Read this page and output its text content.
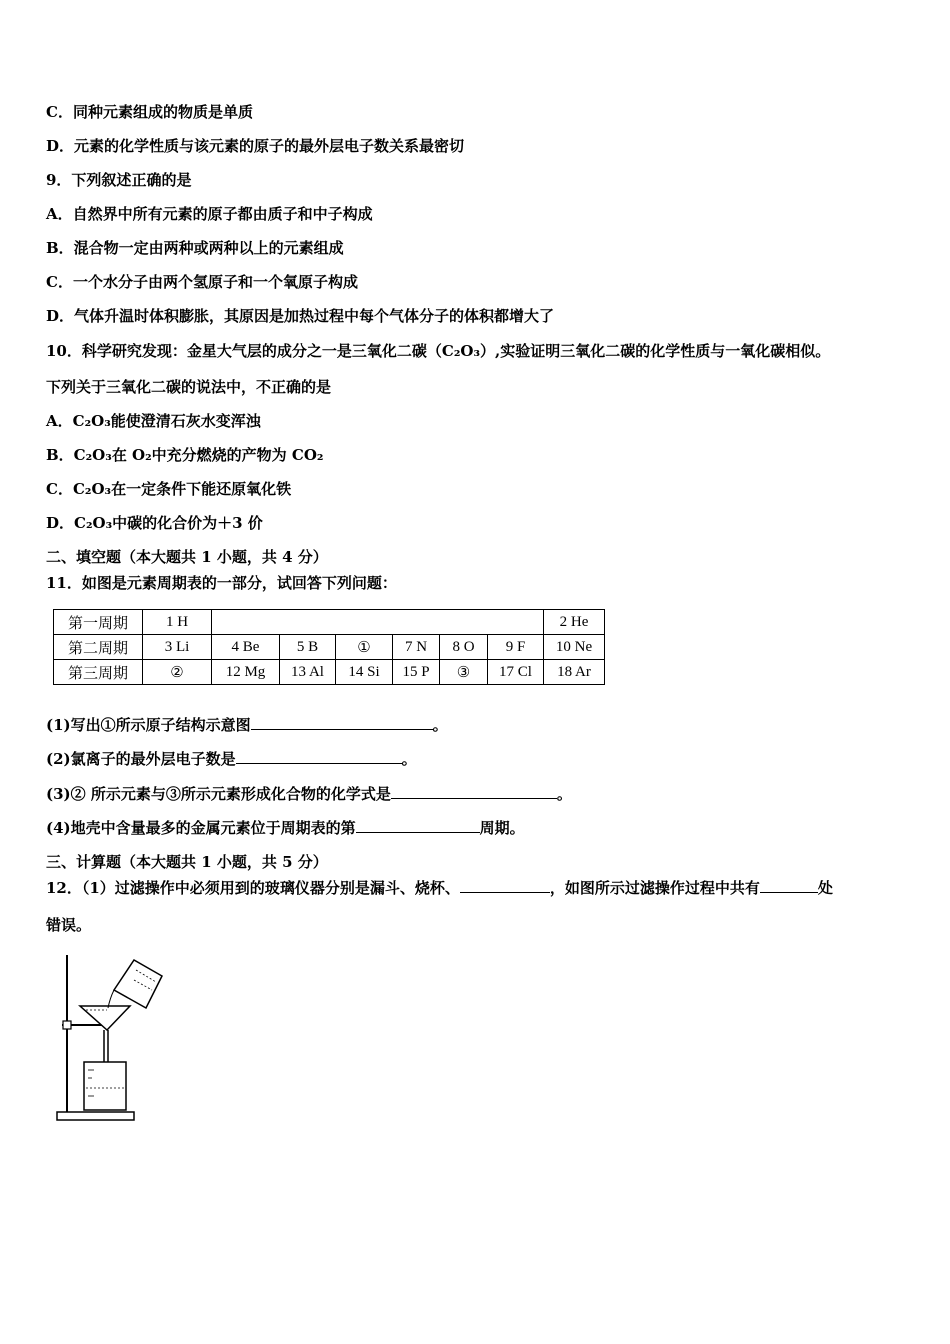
C．同种元素组成的物质是单质
D．元素的化学性质与该元素的原子的最外层电子数关系最密切
9．下列叙述正确的是
A．自然界中所有元素的原子都由质子和中子构成
B．混合物一定由两种或两种以上的元素组成
C．一个水分子由两个氢原子和一个氧原子构成
D．气体升温时体积膨胀，其原因是加热过程中每个气体分子的体积都增大了
10．科学研究发现：金星大气层的成分之一是三氧化二碳（C₂O₃）,实验证明三氧化二碳的化学性质与一氧化碳相似。
下列关于三氧化二碳的说法中，不正确的是
A．C₂O₃能使澄清石灰水变浑浊
B．C₂O₃在 O₂中充分燃烧的产物为 CO₂
C．C₂O₃在一定条件下能还原氧化铁
D．C₂O₃中碳的化合价为＋3 价
二、填空题（本大题共 1 小题，共 4 分）
11．如图是元素周期表的一部分，试回答下列问题：
第一周期	1 H							2 He
第二周期	3 Li	4 Be	5 B	①	7 N	8 O	9 F	10 Ne
第三周期	②	12 Mg	13 Al	14 Si	15 P	③	17 Cl	18 Ar
(1)写出①所示原子结构示意图	。
(2)氯离子的最外层电子数是	。
(3)② 所示元素与③所示元素形成化合物的化学式是	。
(4)地壳中含量最多的金属元素位于周期表的第	周期。
三、计算题（本大题共 1 小题，共 5 分）
12．（1）过滤操作中必须用到的玻璃仪器分别是漏斗、烧杯、	，如图所示过滤操作过程中共有	处
错误。
